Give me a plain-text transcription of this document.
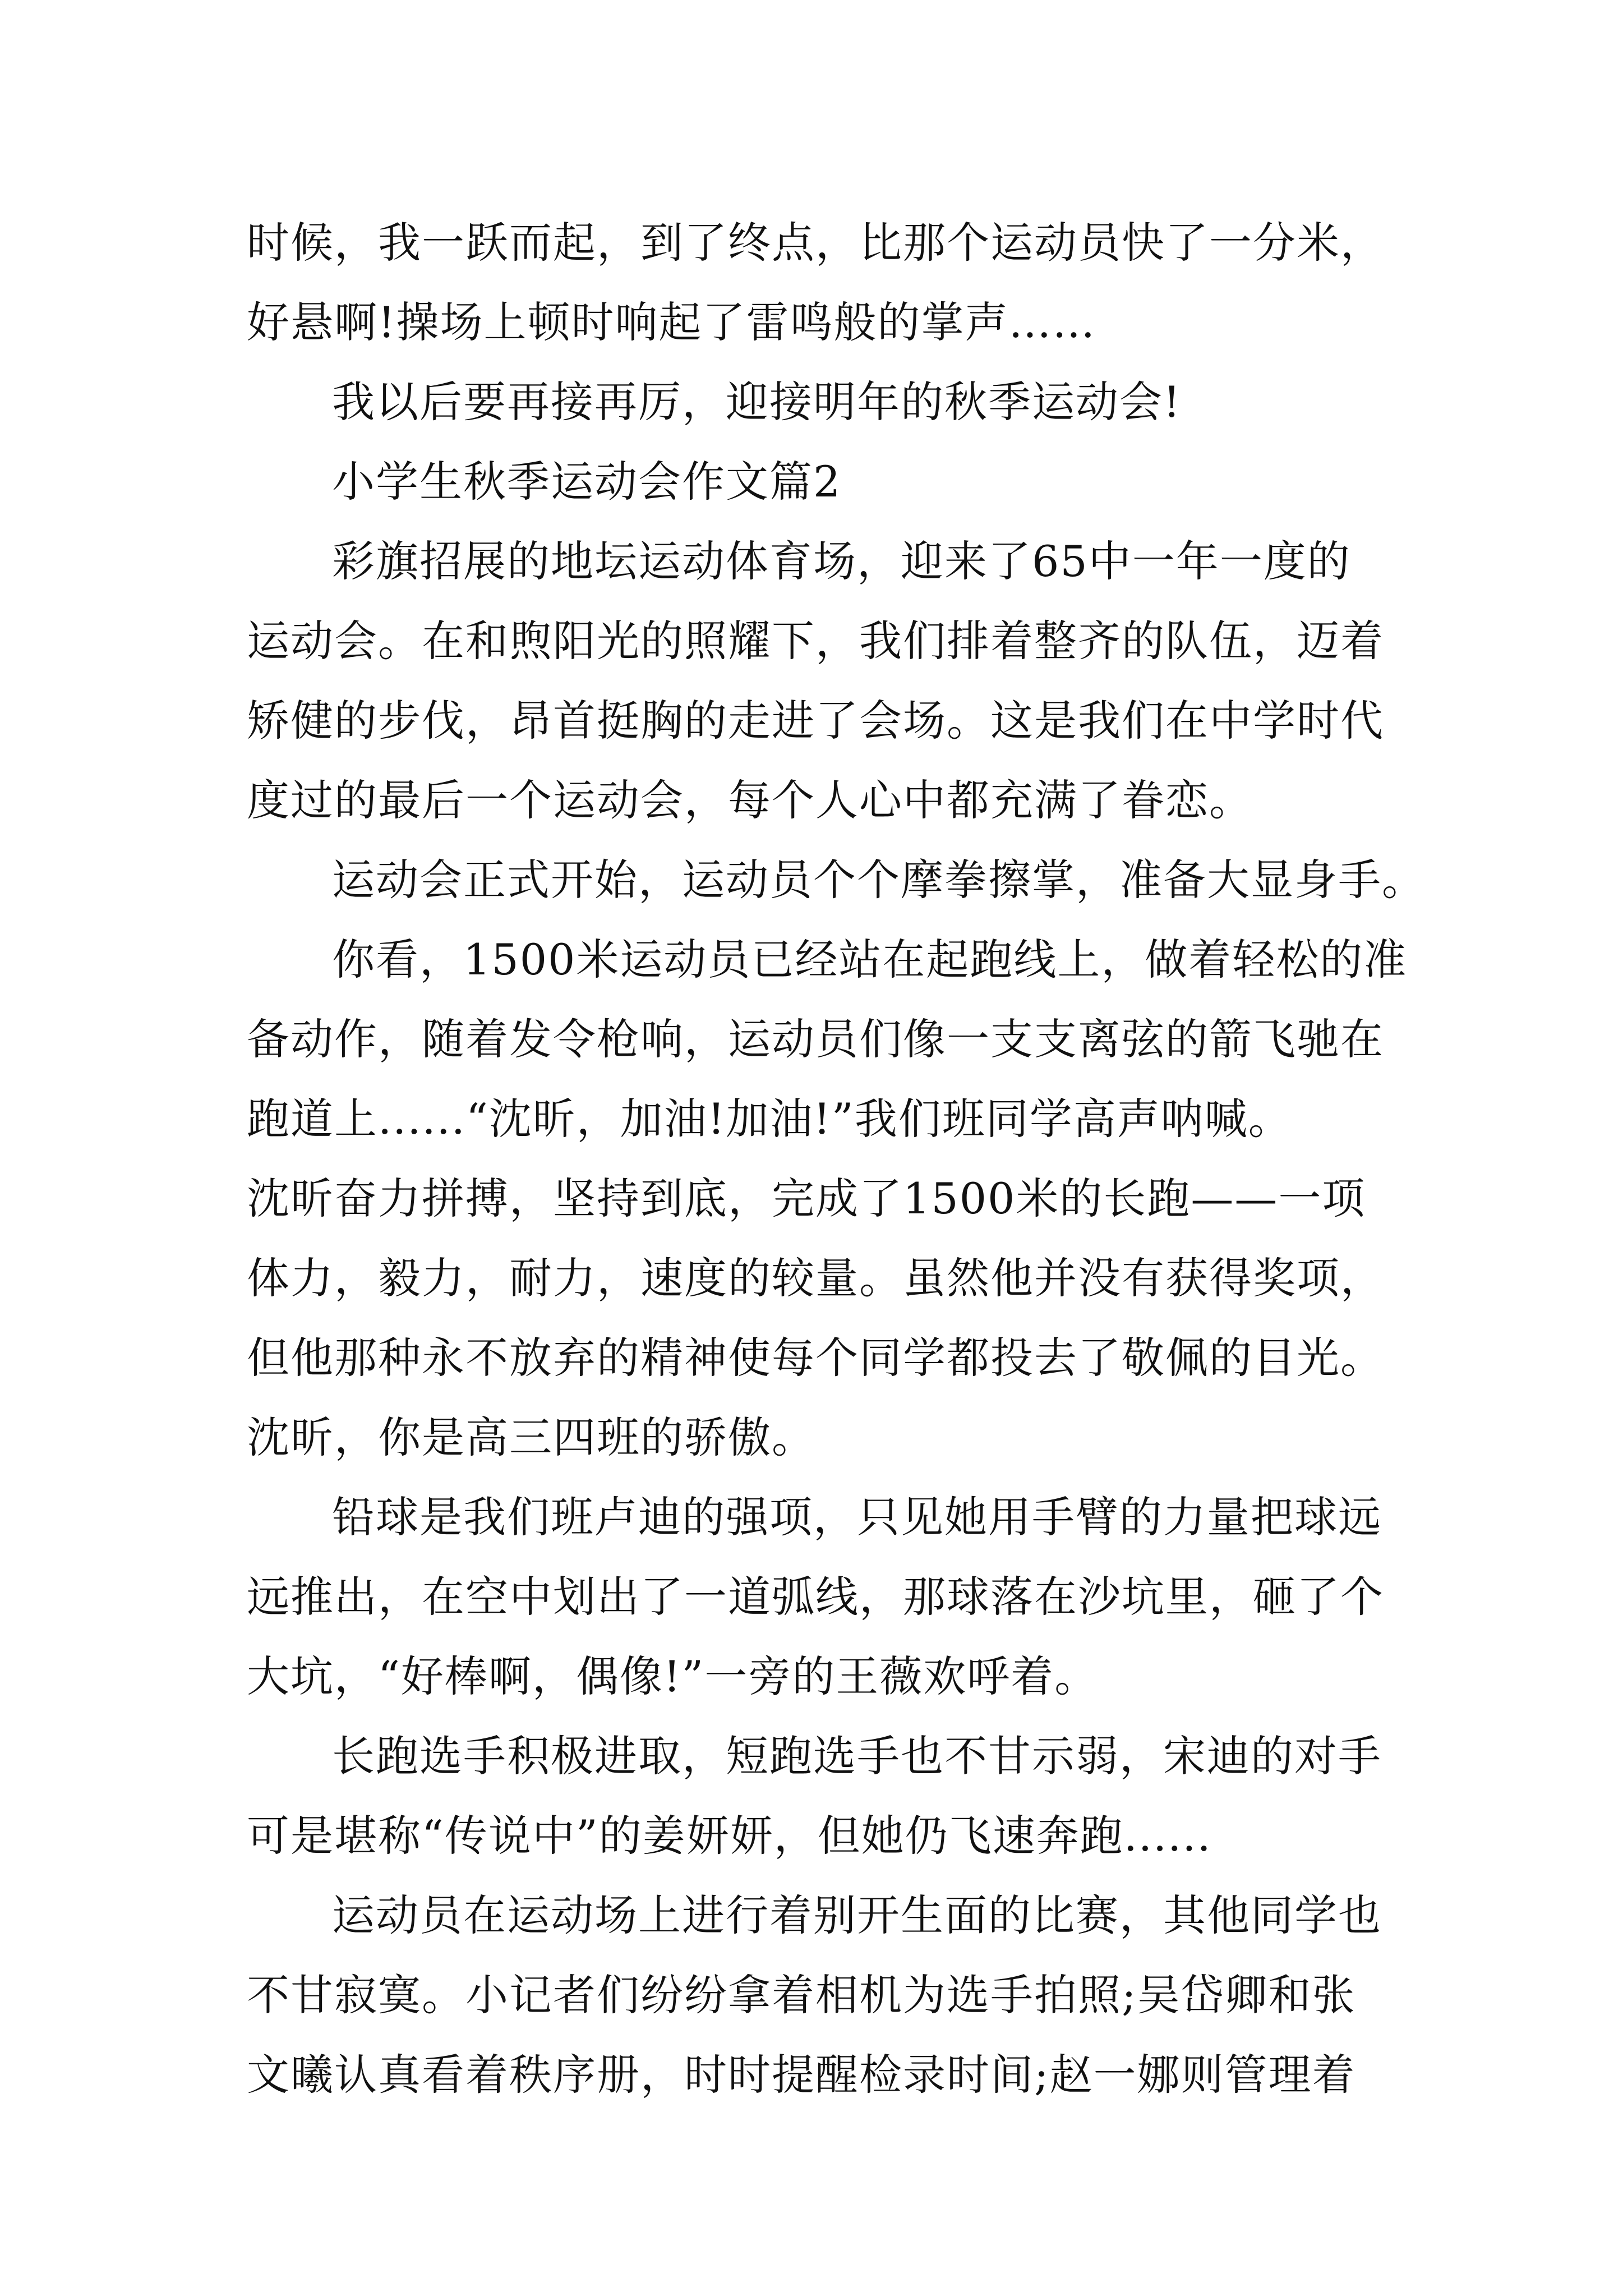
时候，我一跃而起，到了终点，比那个运动员快了一分米，
好悬啊!操场上顿时响起了雷鸣般的掌声……
我以后要再接再厉，迎接明年的秋季运动会!
小学生秋季运动会作文篇2
彩旗招展的地坛运动体育场，迎来了65中一年一度的
运动会。在和煦阳光的照耀下，我们排着整齐的队伍，迈着
矫健的步伐，昂首挺胸的走进了会场。这是我们在中学时代
度过的最后一个运动会，每个人心中都充满了眷恋。
运动会正式开始，运动员个个摩拳擦掌，准备大显身手。
你看，1500米运动员已经站在起跑线上，做着轻松的准
备动作，随着发令枪响，运动员们像一支支离弦的箭飞驰在
跑道上......“沈昕，加油!加油!”我们班同学高声呐喊。
沈昕奋力拼搏，坚持到底，完成了1500米的长跑——一项
体力，毅力，耐力，速度的较量。虽然他并没有获得奖项，
但他那种永不放弃的精神使每个同学都投去了敬佩的目光。
沈昕，你是高三四班的骄傲。
铅球是我们班卢迪的强项，只见她用手臂的力量把球远
远推出，在空中划出了一道弧线，那球落在沙坑里，砸了个
大坑，“好棒啊，偶像!”一旁的王薇欢呼着。
长跑选手积极进取，短跑选手也不甘示弱，宋迪的对手
可是堪称“传说中”的姜妍妍，但她仍飞速奔跑......
运动员在运动场上进行着别开生面的比赛，其他同学也
不甘寂寞。小记者们纷纷拿着相机为选手拍照;吴岱卿和张
文曦认真看着秩序册，时时提醒检录时间;赵一娜则管理着
